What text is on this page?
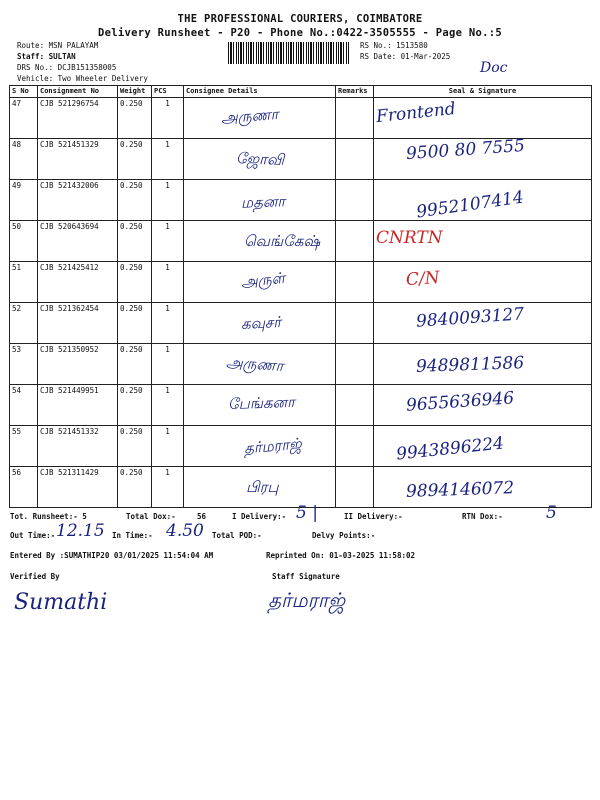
THE PROFESSIONAL COURIERS, COIMBATORE
Delivery Runsheet - P20 - Phone No.:0422-3505555 - Page No.:5
Route: MSN PALAYAM
Staff: SULTAN
DRS No.: DCJB151358005
Vehicle: Two Wheeler Delivery
RS No.: 1513580
RS Date: 01-Mar-2025
Doc
S No	Consignment No	Weight	PCS	Consignee Details	Remarks	Seal & Signature
47	CJB 521296754	0.250	1	அருணா		Frontend

48	CJB 521451329	0.250	1	ஜோவி		9500 80 7555

49	CJB 521432006	0.250	1	மதனா		9952107414

50	CJB 520643694	0.250	1	வெங்கேஷ்		CNRTN

51	CJB 521425412	0.250	1	அருள்		C/N

52	CJB 521362454	0.250	1	கவுசர்		9840093127

53	CJB 521350952	0.250	1	அருணா		9489811586

54	CJB 521449951	0.250	1	பேங்கனா		9655636946

55	CJB 521451332	0.250	1	தர்மராஜ்		9943896224

56	CJB 521311429	0.250	1	பிரபு		9894146072
Tot. Runsheet:- 5	Total Dox:-	56	I Delivery:- 5 |	II Delivery:-	RTN Dox:-	5
Out Time:- 12.15 In Time:- 4.50 Total POD:-	Delvy Points:-
Entered By :SUMATHIP20 03/01/2025 11:54:04 AM	Reprinted On: 01-03-2025 11:58:02
Verified By	Staff Signature
Sumathi	தர்மராஜ்
